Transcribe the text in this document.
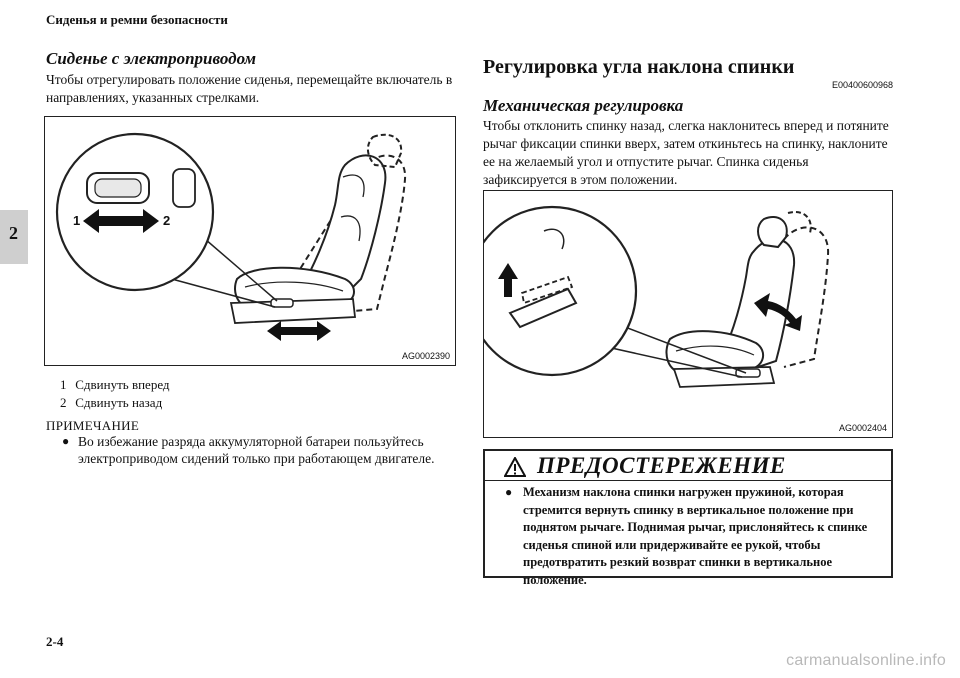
Сиденья и ремни безопасности
2
Сиденье с электроприводом
Чтобы отрегулировать положение сиденья, перемещайте включатель в направлениях, указанных стрелками.
1	2
AG0002390
1 Сдвинуть вперед
2 Сдвинуть назад
ПРИМЕЧАНИЕ
● Во избежание разряда аккумуляторной батареи пользуйтесь электроприводом сидений только при работающем двигателе.
Регулировка угла наклона спинки
E00400600968
Механическая регулировка
Чтобы отклонить спинку назад, слегка наклонитесь вперед и потяните рычаг фиксации спинки вверх, затем откиньтесь на спинку, наклоните ее на желаемый угол и отпустите рычаг. Спинка сиденья зафиксируется в этом положении.
AG0002404
ПРЕДОСТЕРЕЖЕНИЕ
● Механизм наклона спинки нагружен пружиной, которая стремится вернуть спинку в вертикальное положение при поднятом рычаге. Поднимая рычаг, прислоняйтесь к спинке сиденья спиной или придерживайте ее рукой, чтобы предотвратить резкий возврат спинки в вертикальное положение.
2-4
carmanualsonline.info
